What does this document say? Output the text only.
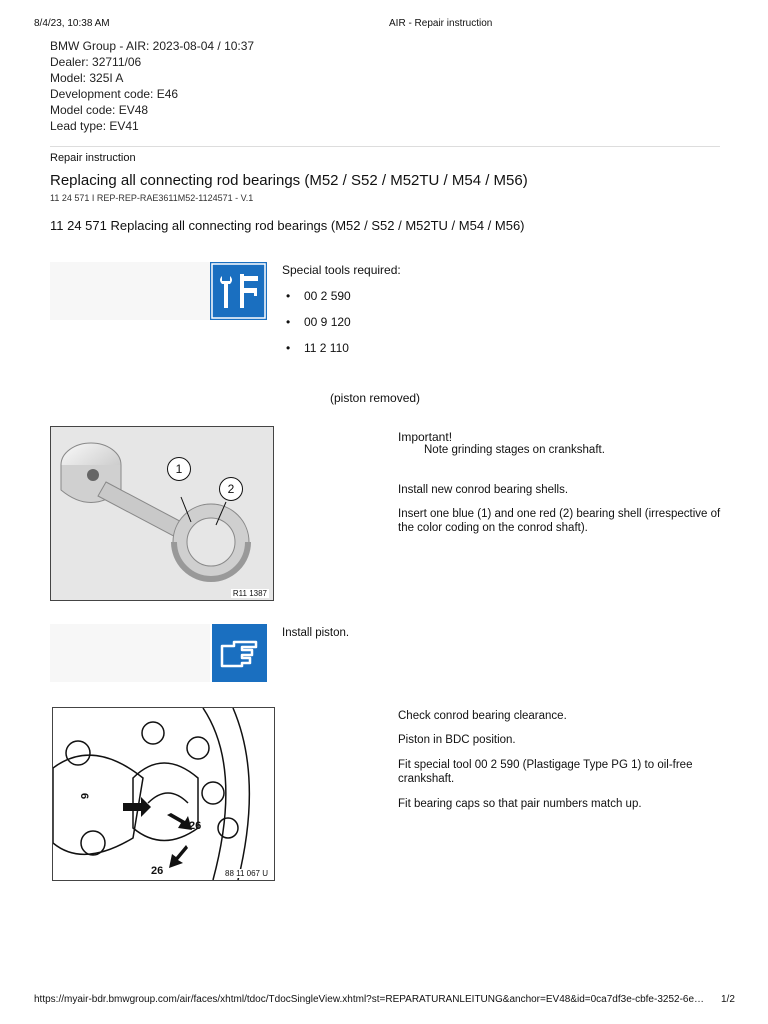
8/4/23, 10:38 AM	AIR - Repair instruction
BMW Group - AIR: 2023-08-04 / 10:37
Dealer: 32711/06
Model: 325I A
Development code: E46
Model code: EV48
Lead type: EV41
Repair instruction
Replacing all connecting rod bearings (M52 / S52 / M52TU / M54 / M56)
11 24 571 I REP-REP-RAE3611M52-1124571 - V.1
11 24 571 Replacing all connecting rod bearings (M52 / S52 / M52TU / M54 / M56)
Special tools required:
• 00 2 590
• 00 9 120
• 11 2 110
(piston removed)
1
2
R11 1387
Important!
Note grinding stages on crankshaft.
Install new conrod bearing shells.
Insert one blue (1) and one red (2) bearing shell (irrespective of the color coding on the conrod shaft).
Install piston.
26
26
6
88 11 067 U
Check conrod bearing clearance.
Piston in BDC position.
Fit special tool 00 2 590 (Plastigage Type PG 1) to oil-free crankshaft.
Fit bearing caps so that pair numbers match up.
https://myair-bdr.bmwgroup.com/air/faces/xhtml/tdoc/TdocSingleView.xhtml?st=REPARATURANLEITUNG&anchor=EV48&id=0ca7df3e-cbfe-3252-6e…	1/2
